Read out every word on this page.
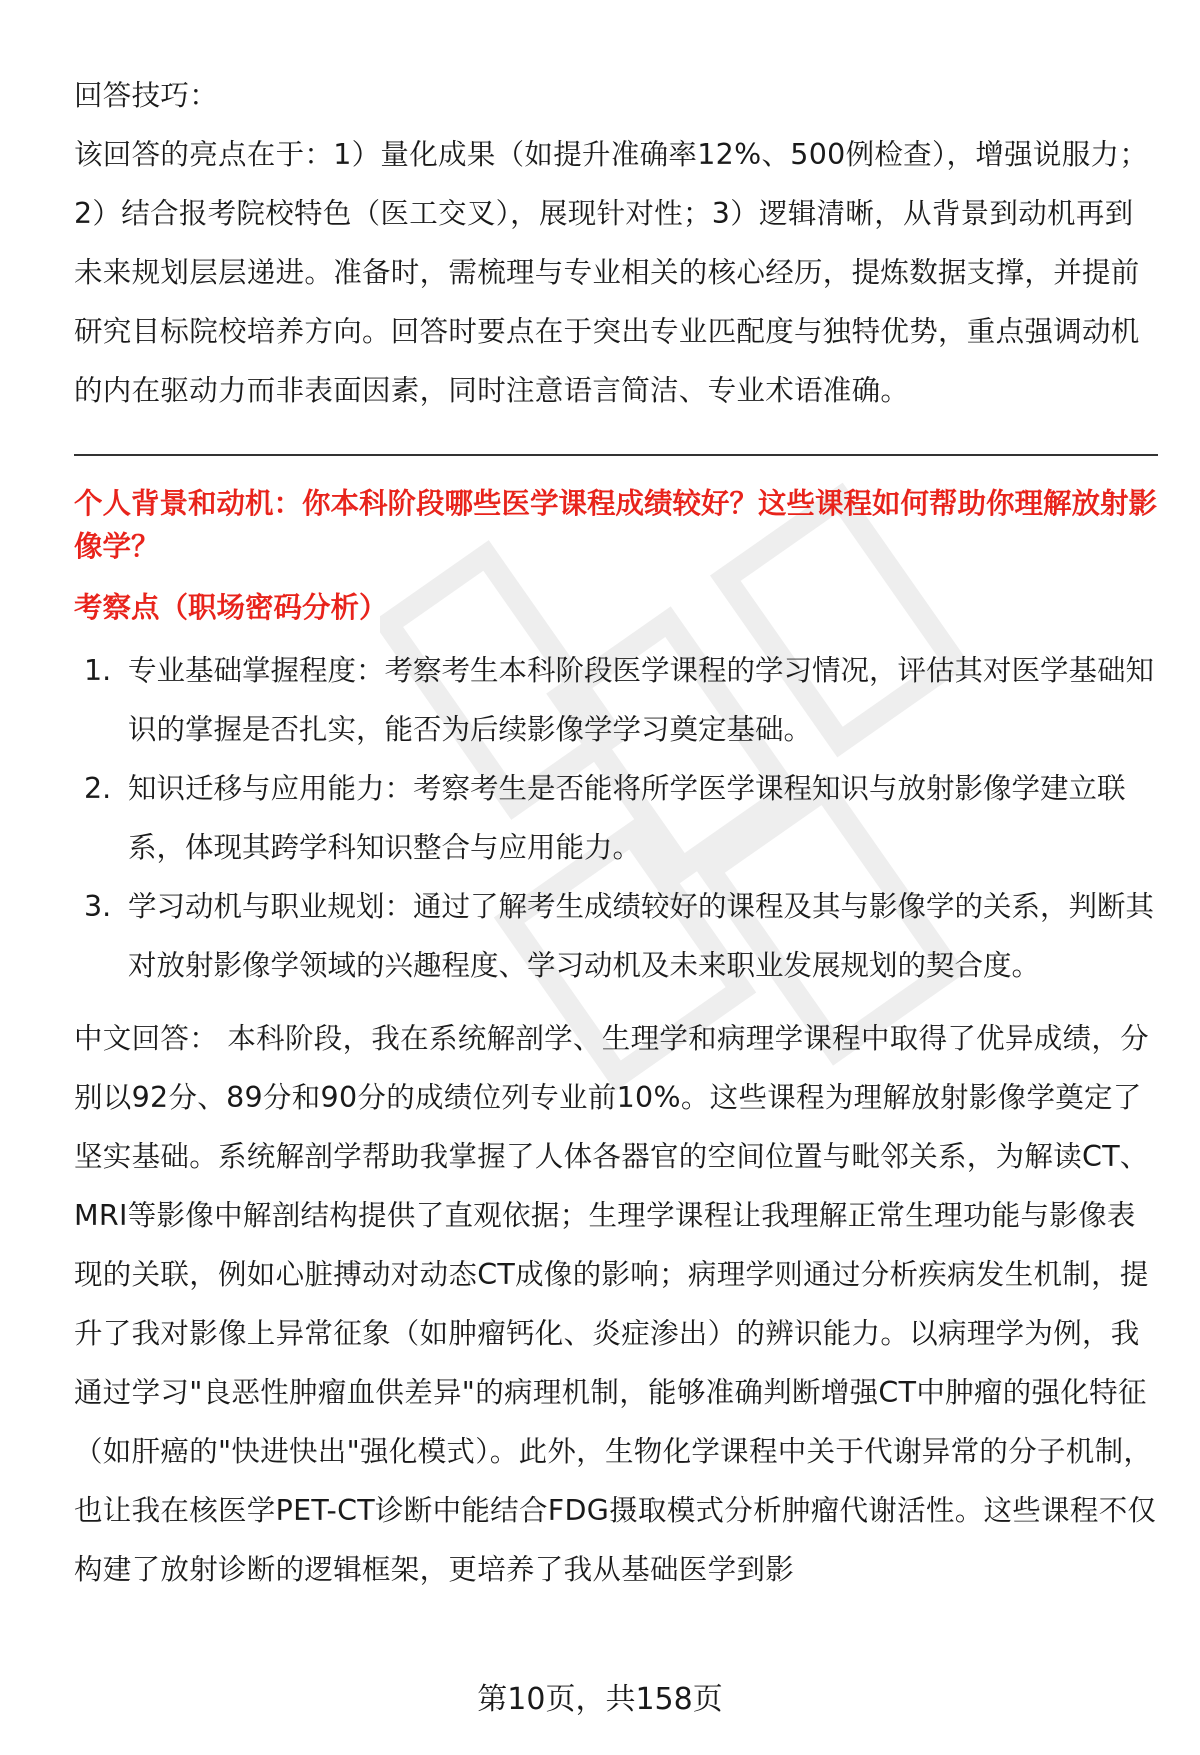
回答技巧：

该回答的亮点在于：1）量化成果（如提升准确率12%、500例检查），增强说服力；2）结合报考院校特色（医工交叉），展现针对性；3）逻辑清晰，从背景到动机再到未来规划层层递进。准备时，需梳理与专业相关的核心经历，提炼数据支撑，并提前研究目标院校培养方向。回答时要点在于突出专业匹配度与独特优势，重点强调动机的内在驱动力而非表面因素，同时注意语言简洁、专业术语准确。

个人背景和动机：你本科阶段哪些医学课程成绩较好？这些课程如何帮助你理解放射影像学？

考察点（职场密码分析）

1. 专业基础掌握程度：考察考生本科阶段医学课程的学习情况，评估其对医学基础知识的掌握是否扎实，能否为后续影像学学习奠定基础。
2. 知识迁移与应用能力：考察考生是否能将所学医学课程知识与放射影像学建立联系，体现其跨学科知识整合与应用能力。
3. 学习动机与职业规划：通过了解考生成绩较好的课程及其与影像学的关系，判断其对放射影像学领域的兴趣程度、学习动机及未来职业发展规划的契合度。

中文回答： 本科阶段，我在系统解剖学、生理学和病理学课程中取得了优异成绩，分别以92分、89分和90分的成绩位列专业前10%。这些课程为理解放射影像学奠定了坚实基础。系统解剖学帮助我掌握了人体各器官的空间位置与毗邻关系，为解读CT、MRI等影像中解剖结构提供了直观依据；生理学课程让我理解正常生理功能与影像表现的关联，例如心脏搏动对动态CT成像的影响；病理学则通过分析疾病发生机制，提升了我对影像上异常征象（如肿瘤钙化、炎症渗出）的辨识能力。以病理学为例，我通过学习"良恶性肿瘤血供差异"的病理机制，能够准确判断增强CT中肿瘤的强化特征（如肝癌的"快进快出"强化模式）。此外，生物化学课程中关于代谢异常的分子机制，也让我在核医学PET-CT诊断中能结合FDG摄取模式分析肿瘤代谢活性。这些课程不仅构建了放射诊断的逻辑框架，更培养了我从基础医学到影

第10页，共158页
